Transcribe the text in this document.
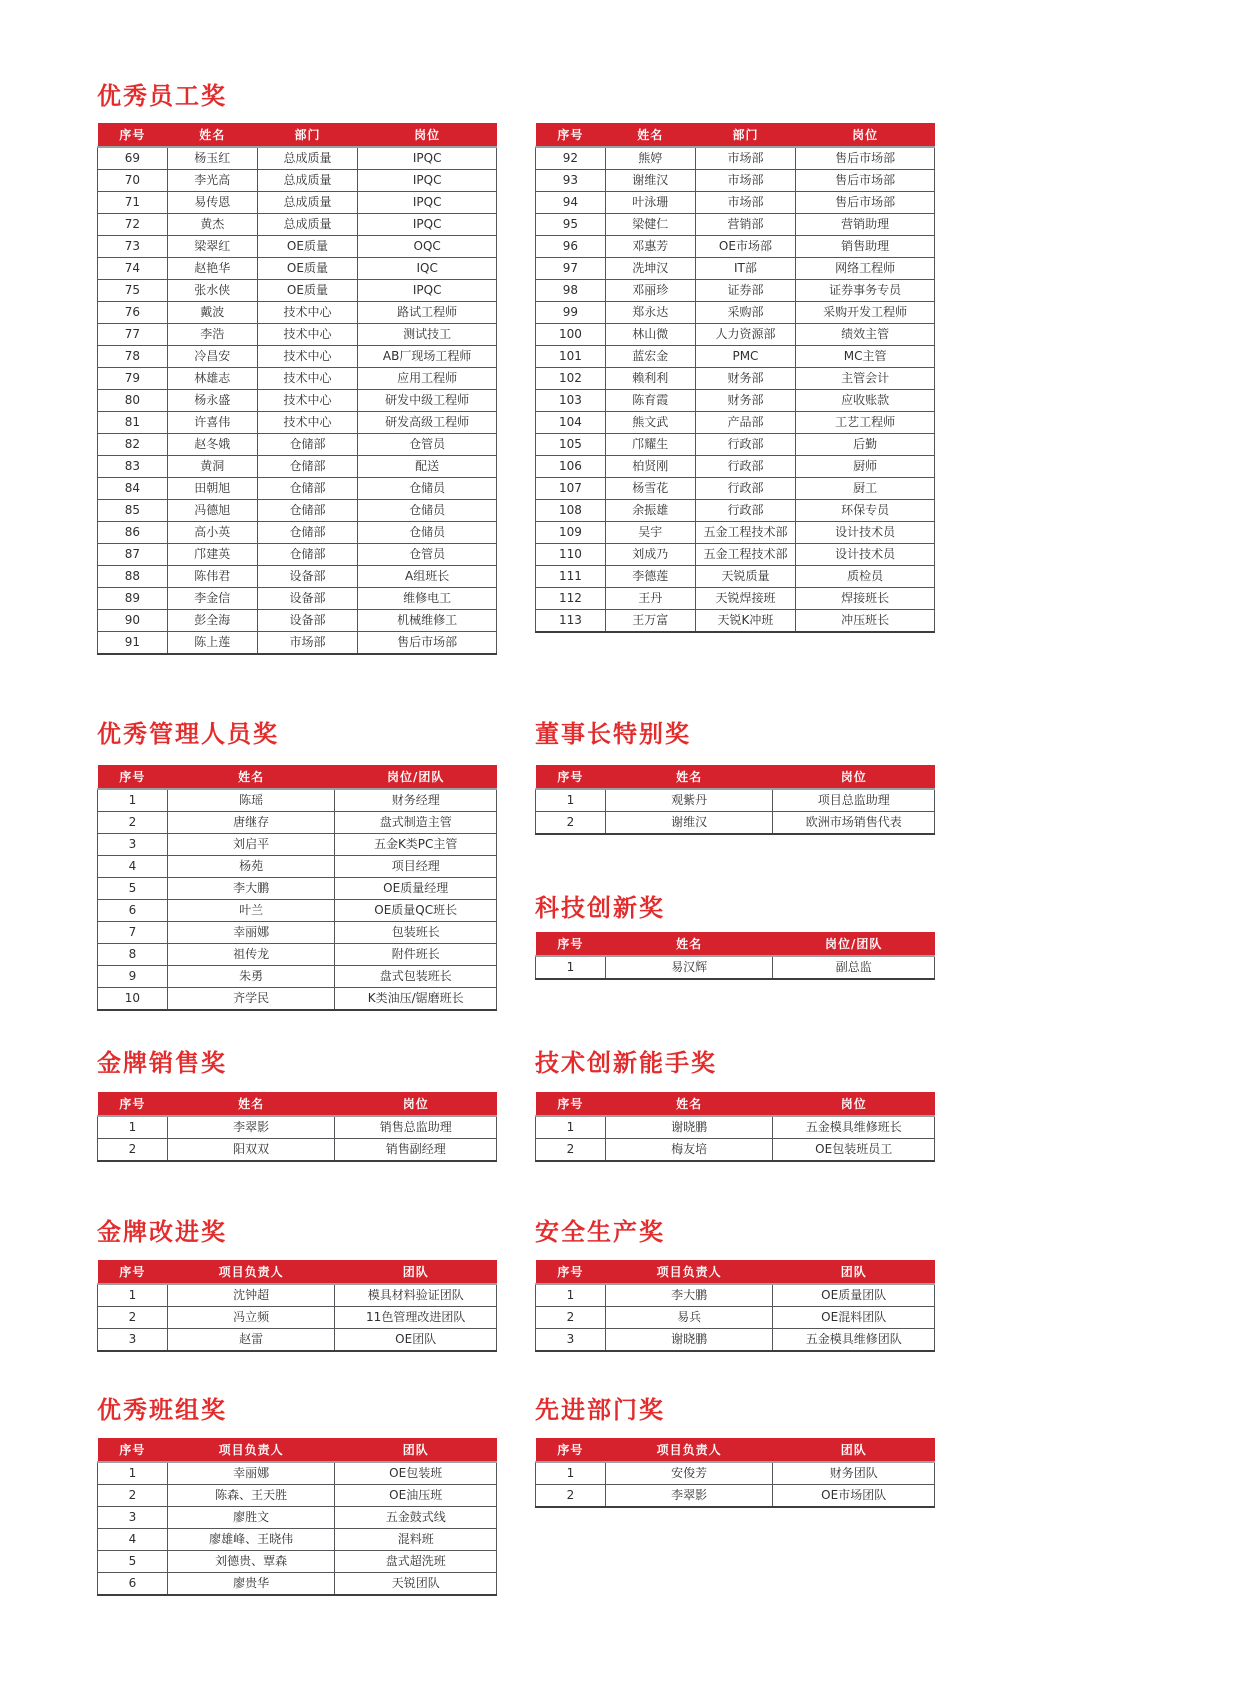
优秀员工奖
序号	姓名	部门	岗位
69	杨玉红	总成质量	IPQC
70	李光高	总成质量	IPQC
71	易传恩	总成质量	IPQC
72	黄杰	总成质量	IPQC
73	梁翠红	OE质量	OQC
74	赵艳华	OE质量	IQC
75	张水侠	OE质量	IPQC
76	戴波	技术中心	路试工程师
77	李浩	技术中心	测试技工
78	冷昌安	技术中心	AB厂现场工程师
79	林雄志	技术中心	应用工程师
80	杨永盛	技术中心	研发中级工程师
81	许喜伟	技术中心	研发高级工程师
82	赵冬娥	仓储部	仓管员
83	黄洞	仓储部	配送
84	田朝旭	仓储部	仓储员
85	冯德旭	仓储部	仓储员
86	高小英	仓储部	仓储员
87	邝建英	仓储部	仓管员
88	陈伟君	设备部	A组班长
89	李金信	设备部	维修电工
90	彭全海	设备部	机械维修工
91	陈上莲	市场部	售后市场部
序号	姓名	部门	岗位
92	熊婷	市场部	售后市场部
93	谢维汉	市场部	售后市场部
94	叶泳珊	市场部	售后市场部
95	梁健仁	营销部	营销助理
96	邓惠芳	OE市场部	销售助理
97	冼坤汉	IT部	网络工程师
98	邓丽珍	证券部	证券事务专员
99	郑永达	采购部	采购开发工程师
100	林山微	人力资源部	绩效主管
101	蓝宏金	PMC	MC主管
102	赖利利	财务部	主管会计
103	陈育霞	财务部	应收账款
104	熊文武	产品部	工艺工程师
105	邝耀生	行政部	后勤
106	柏贤刚	行政部	厨师
107	杨雪花	行政部	厨工
108	余振雄	行政部	环保专员
109	吴宇	五金工程技术部	设计技术员
110	刘成乃	五金工程技术部	设计技术员
111	李德莲	天锐质量	质检员
112	王丹	天锐焊接班	焊接班长
113	王万富	天锐K冲班	冲压班长
优秀管理人员奖
序号	姓名	岗位/团队
1	陈瑶	财务经理
2	唐继存	盘式制造主管
3	刘启平	五金K类PC主管
4	杨苑	项目经理
5	李大鹏	OE质量经理
6	叶兰	OE质量QC班长
7	幸丽娜	包装班长
8	祖传龙	附件班长
9	朱勇	盘式包装班长
10	齐学民	K类油压/锯磨班长
董事长特别奖
序号	姓名	岗位
1	观紫丹	项目总监助理
2	谢维汉	欧洲市场销售代表
科技创新奖
序号	姓名	岗位/团队
1	易汉辉	副总监
金牌销售奖
序号	姓名	岗位
1	李翠影	销售总监助理
2	阳双双	销售副经理
技术创新能手奖
序号	姓名	岗位
1	谢晓鹏	五金模具维修班长
2	梅友培	OE包装班员工
金牌改进奖
序号	项目负责人	团队
1	沈钟超	模具材料验证团队
2	冯立频	11色管理改进团队
3	赵雷	OE团队
安全生产奖
序号	项目负责人	团队
1	李大鹏	OE质量团队
2	易兵	OE混料团队
3	谢晓鹏	五金模具维修团队
优秀班组奖
序号	项目负责人	团队
1	幸丽娜	OE包装班
2	陈森、王天胜	OE油压班
3	廖胜文	五金鼓式线
4	廖雄峰、王晓伟	混料班
5	刘德贵、覃森	盘式超洗班
6	廖贵华	天锐团队
先进部门奖
序号	项目负责人	团队
1	安俊芳	财务团队
2	李翠影	OE市场团队
